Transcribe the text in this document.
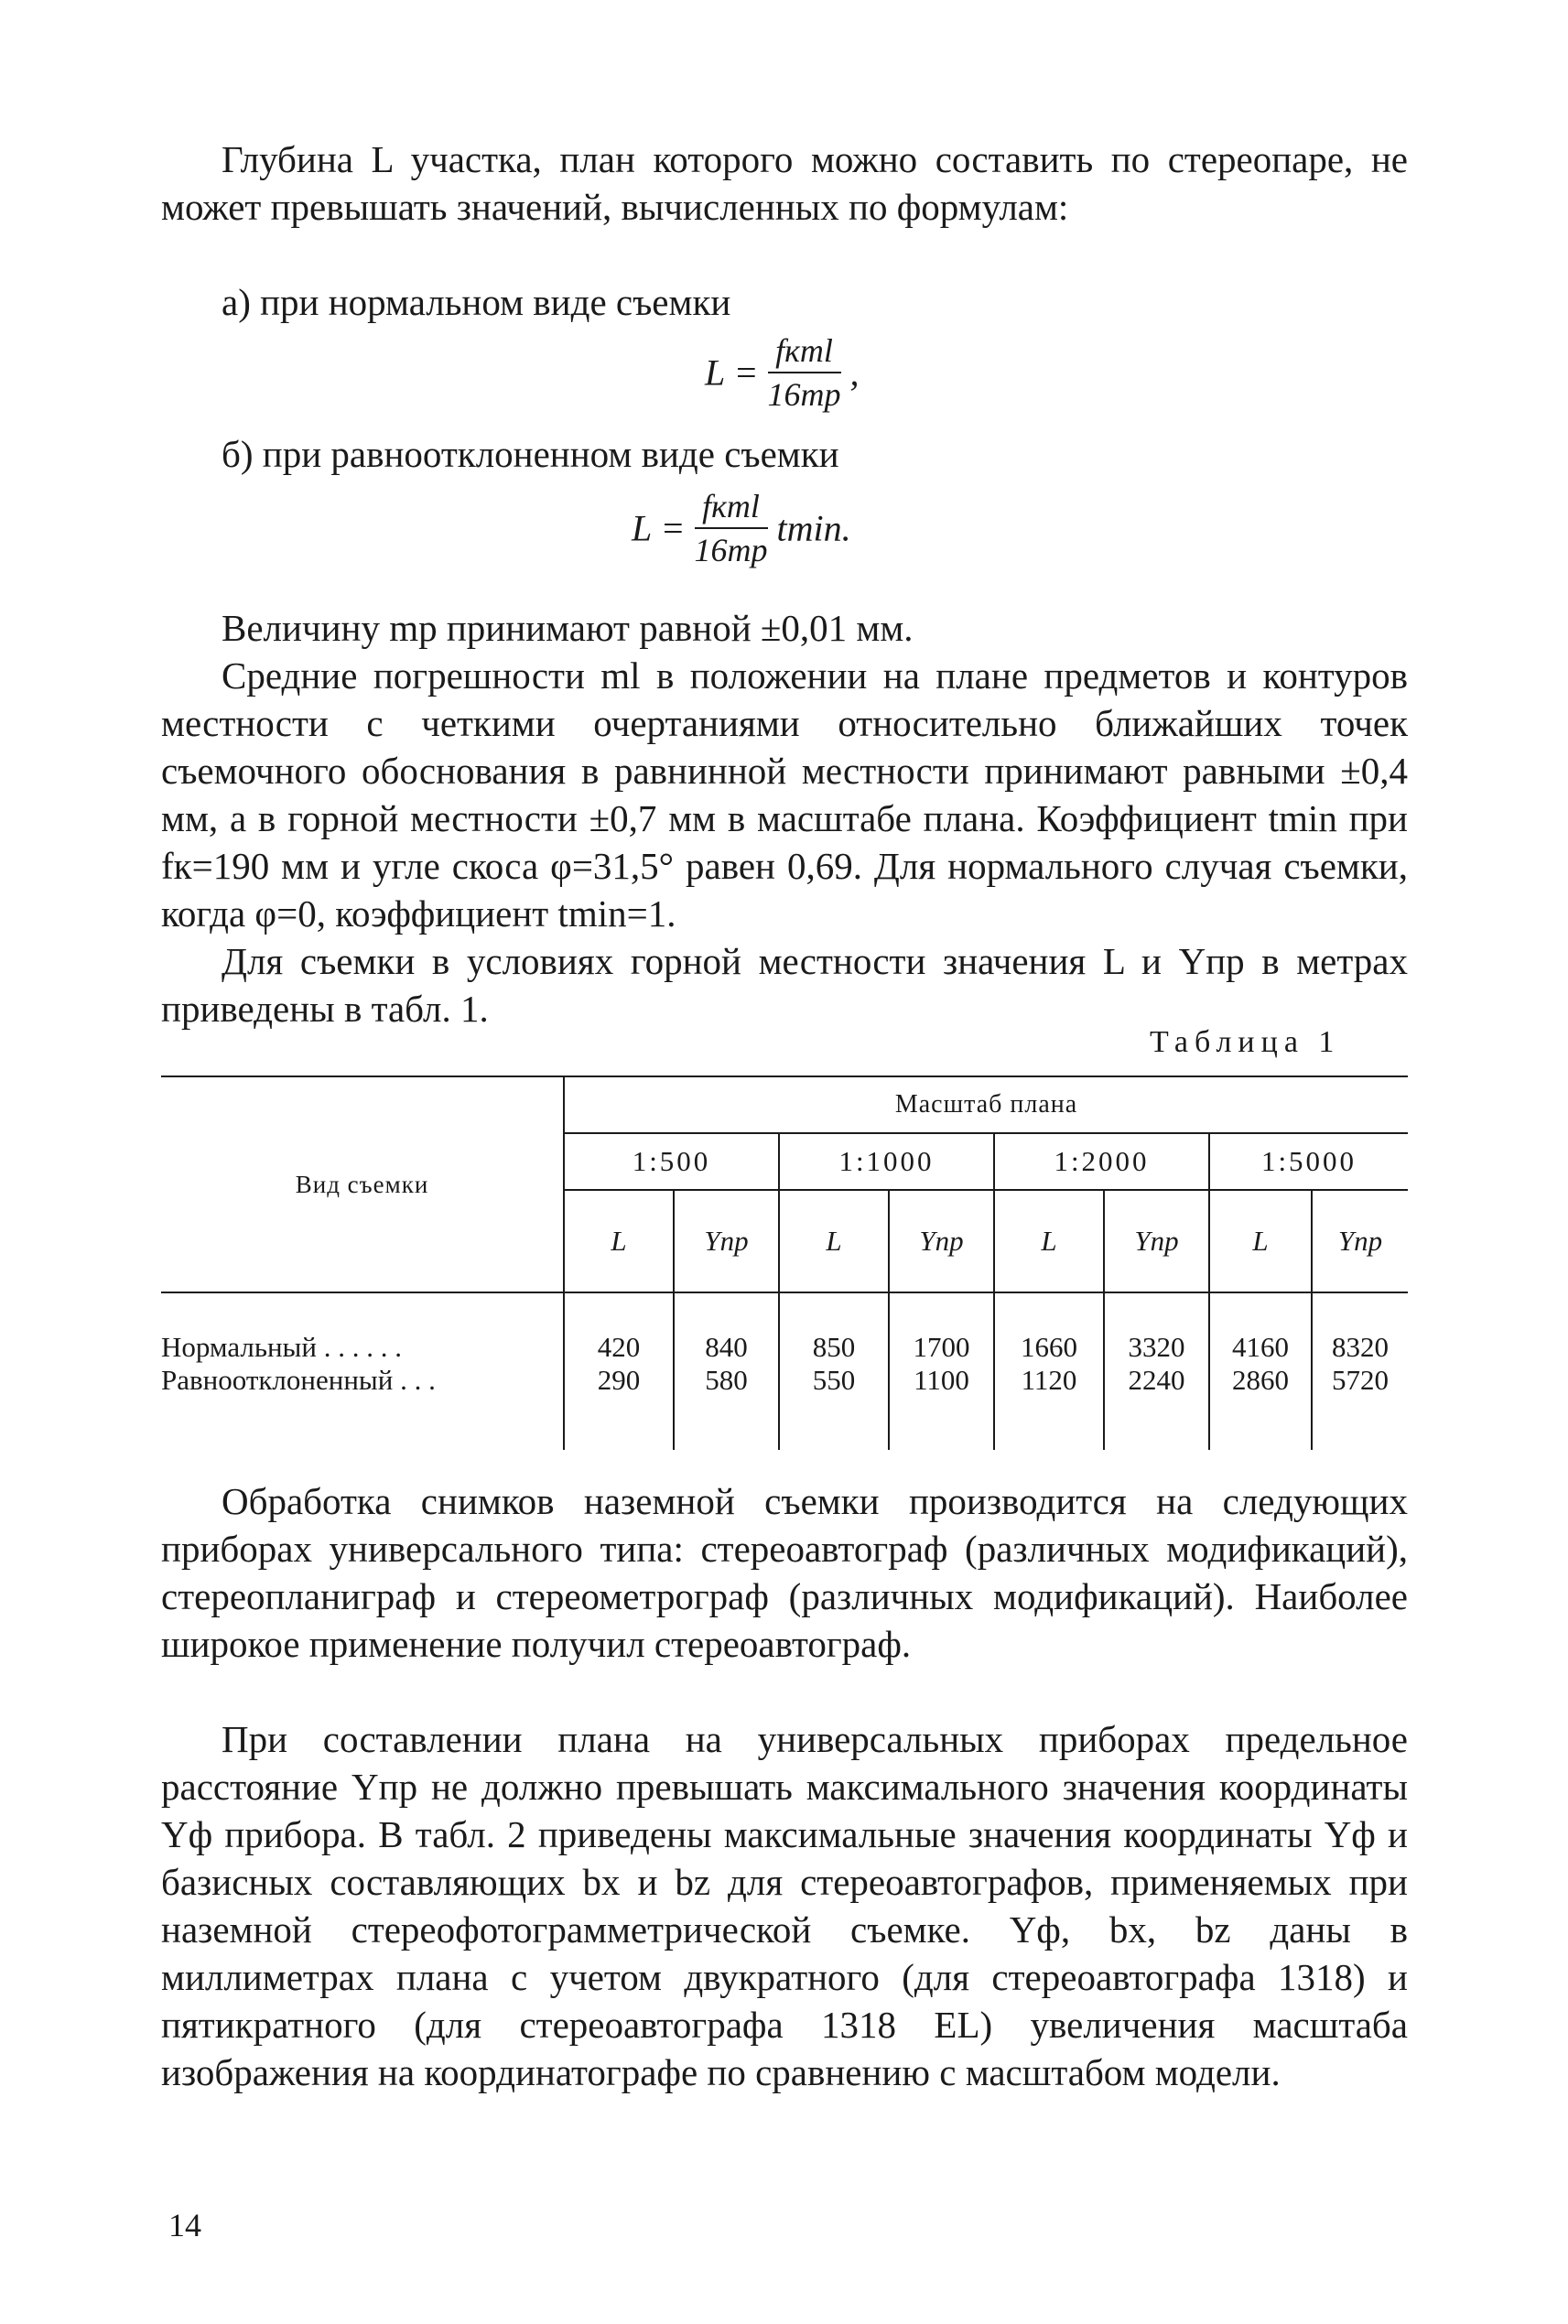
Глубина L участка, план которого можно составить по стереопаре, не может превышать значений, вычисленных по формулам:
а) при нормальном виде съемки
$L = \frac{\text{fкml}}{16mp}$ ,
б) при равноотклоненном виде съемки
$L = \frac{\text{fкml}}{16mp} tmin$.
Величину mp принимают равной ±0,01 мм.
Средние погрешности ml в положении на плане предметов и контуров местности с четкими очертаниями относительно ближайших точек съемочного обоснования в равнинной местности принимают равными ±0,4 мм, а в горной местности ±0,7 мм в масштабе плана. Коэффициент tmin при fк=190 мм и угле скоса φ=31,5° равен 0,69. Для нормального случая съемки, когда φ=0, коэффициент tmin=1.
Для съемки в условиях горной местности значения L и Yпр в метрах приведены в табл. 1.
Таблица 1
Вид съемки	Масштаб плана							
	1:500		1:1000		1:2000		1:5000	
	L	Yпр	L	Yпр	L	Yпр	L	Yпр
Нормальный . . . . . .	420	840	850	1700	1660	3320	4160	8320
Равноотклоненный . . .	290	580	550	1100	1120	2240	2860	5720

Обработка снимков наземной съемки производится на следующих приборах универсального типа: стереоавтограф (различных модификаций), стереопланиграф и стереометрограф (различных модификаций). Наиболее широкое применение получил стереоавтограф.
При составлении плана на универсальных приборах предельное расстояние Yпр не должно превышать максимального значения координаты Yф прибора. В табл. 2 приведены максимальные значения координаты Yф и базисных составляющих bx и bz для стереоавтографов, применяемых при наземной стереофотограмметрической съемке. Yф, bx, bz даны в миллиметрах плана с учетом двукратного (для стереоавтографа 1318) и пятикратного (для стереоавтографа 1318 EL) увеличения масштаба изображения на координатографе по сравнению с масштабом модели.
14
